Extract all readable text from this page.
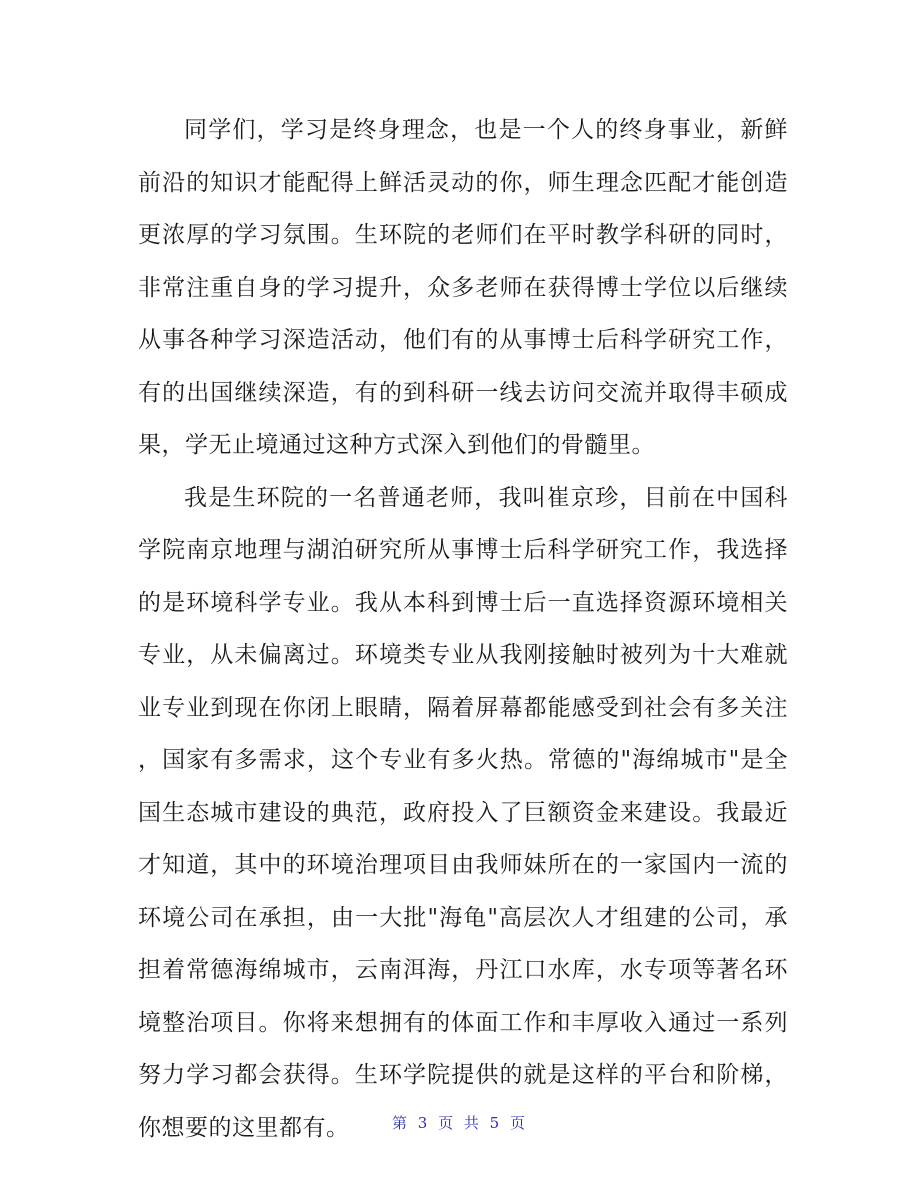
同学们，学习是终身理念，也是一个人的终身事业，新鲜
前沿的知识才能配得上鲜活灵动的你，师生理念匹配才能创造
更浓厚的学习氛围。生环院的老师们在平时教学科研的同时，
非常注重自身的学习提升，众多老师在获得博士学位以后继续
从事各种学习深造活动，他们有的从事博士后科学研究工作，
有的出国继续深造，有的到科研一线去访问交流并取得丰硕成
果，学无止境通过这种方式深入到他们的骨髓里。
我是生环院的一名普通老师，我叫崔京珍，目前在中国科
学院南京地理与湖泊研究所从事博士后科学研究工作，我选择
的是环境科学专业。我从本科到博士后一直选择资源环境相关
专业，从未偏离过。环境类专业从我刚接触时被列为十大难就
业专业到现在你闭上眼睛，隔着屏幕都能感受到社会有多关注
，国家有多需求，这个专业有多火热。常德的"海绵城市"是全
国生态城市建设的典范，政府投入了巨额资金来建设。我最近
才知道，其中的环境治理项目由我师妹所在的一家国内一流的
环境公司在承担，由一大批"海龟"高层次人才组建的公司，承
担着常德海绵城市，云南洱海，丹江口水库，水专项等著名环
境整治项目。你将来想拥有的体面工作和丰厚收入通过一系列
努力学习都会获得。生环学院提供的就是这样的平台和阶梯，
你想要的这里都有。	第 3 页 共 5 页
